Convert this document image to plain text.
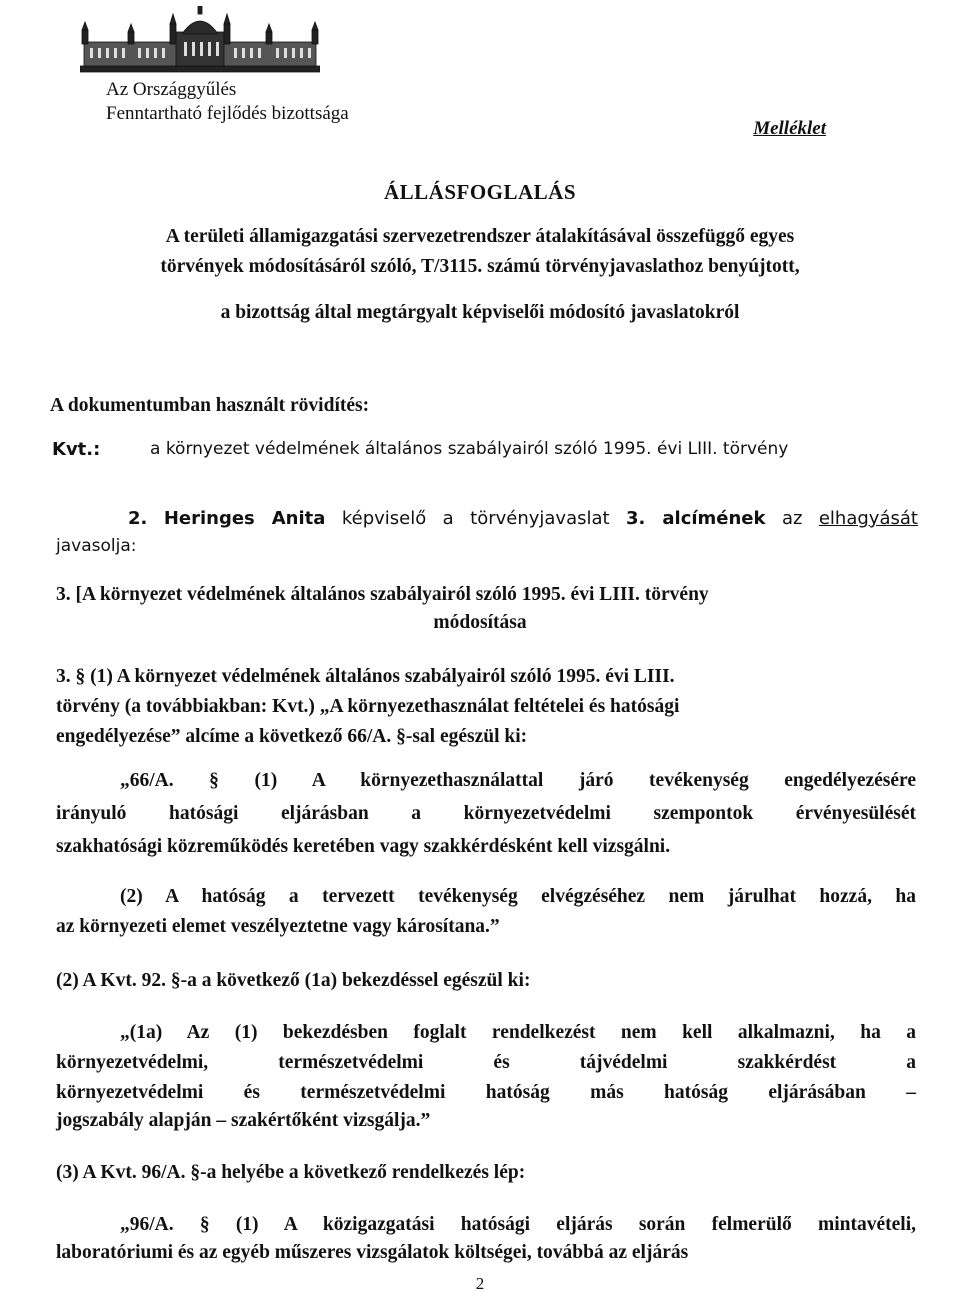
Az Országgyűlés
Fenntartható fejlődés bizottsága
Melléklet
ÁLLÁSFOGLALÁS
A területi államigazgatási szervezetrendszer átalakításával összefüggő egyes
törvények módosításáról szóló, T/3115. számú törvényjavaslathoz benyújtott,
a bizottság által megtárgyalt képviselői módosító javaslatokról
A dokumentumban használt rövidítés:
Kvt.:	a környezet védelmének általános szabályairól szóló 1995. évi LIII. törvény
2. Heringes Anita képviselő a törvényjavaslat 3. alcímének az elhagyását
javasolja:
3. [A környezet védelmének általános szabályairól szóló 1995. évi LIII. törvény
módosítása
3. § (1) A környezet védelmének általános szabályairól szóló 1995. évi LIII.
törvény (a továbbiakban: Kvt.) „A környezethasználat feltételei és hatósági
engedélyezése” alcíme a következő 66/A. §-sal egészül ki:
„66/A. § (1) A környezethasználattal járó tevékenység engedélyezésére
irányuló hatósági eljárásban a környezetvédelmi szempontok érvényesülését
szakhatósági közreműködés keretében vagy szakkérdésként kell vizsgálni.
(2) A hatóság a tervezett tevékenység elvégzéséhez nem járulhat hozzá, ha
az környezeti elemet veszélyeztetne vagy károsítana.”
(2) A Kvt. 92. §-a a következő (1a) bekezdéssel egészül ki:
„(1a) Az (1) bekezdésben foglalt rendelkezést nem kell alkalmazni, ha a
környezetvédelmi, természetvédelmi és tájvédelmi szakkérdést a
környezetvédelmi és természetvédelmi hatóság más hatóság eljárásában –
jogszabály alapján – szakértőként vizsgálja.”
(3) A Kvt. 96/A. §-a helyébe a következő rendelkezés lép:
„96/A. § (1) A közigazgatási hatósági eljárás során felmerülő mintavételi,
laboratóriumi és az egyéb műszeres vizsgálatok költségei, továbbá az eljárás
2
